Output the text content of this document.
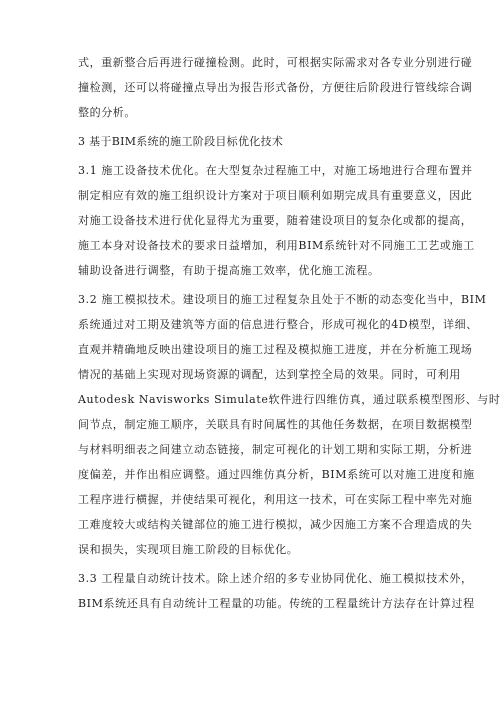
式，重新整合后再进行碰撞检测。此时，可根据实际需求对各专业分别进行碰
撞检测，还可以将碰撞点导出为报告形式备份，方便往后阶段进行管线综合调
整的分析。
3 基于BIM系统的施工阶段目标优化技术
3.1 施工设备技术优化。在大型复杂过程施工中，对施工场地进行合理布置并
制定相应有效的施工组织设计方案对于项目顺利如期完成具有重要意义，因此
对施工设备技术进行优化显得尤为重要，随着建设项目的复杂化或都的提高，
施工本身对设备技术的要求日益增加，利用BIM系统针对不同施工工艺或施工
辅助设备进行调整，有助于提高施工效率，优化施工流程。
3.2 施工模拟技术。建设项目的施工过程复杂且处于不断的动态变化当中，BIM
系统通过对工期及建筑等方面的信息进行整合，形成可视化的4D模型，详细、
直观并精确地反映出建设项目的施工过程及模拟施工进度，并在分析施工现场
情况的基础上实现对现场资源的调配，达到掌控全局的效果。同时，可利用
Autodesk Navisworks Simulate软件进行四维仿真，通过联系模型图形、与时
间节点，制定施工顺序，关联具有时间属性的其他任务数据，在项目数据模型
与材料明细表之间建立动态链接，制定可视化的计划工期和实际工期，分析进
度偏差，并作出相应调整。通过四维仿真分析，BIM系统可以对施工进度和施
工程序进行横握，并使结果可视化，利用这一技术，可在实际工程中率先对施
工难度较大或结构关键部位的施工进行模拟，减少因施工方案不合理造成的失
误和损失，实现项目施工阶段的目标优化。
3.3 工程量自动统计技术。除上述介绍的多专业协同优化、施工模拟技术外，
BIM系统还具有自动统计工程量的功能。传统的工程量统计方法存在计算过程
